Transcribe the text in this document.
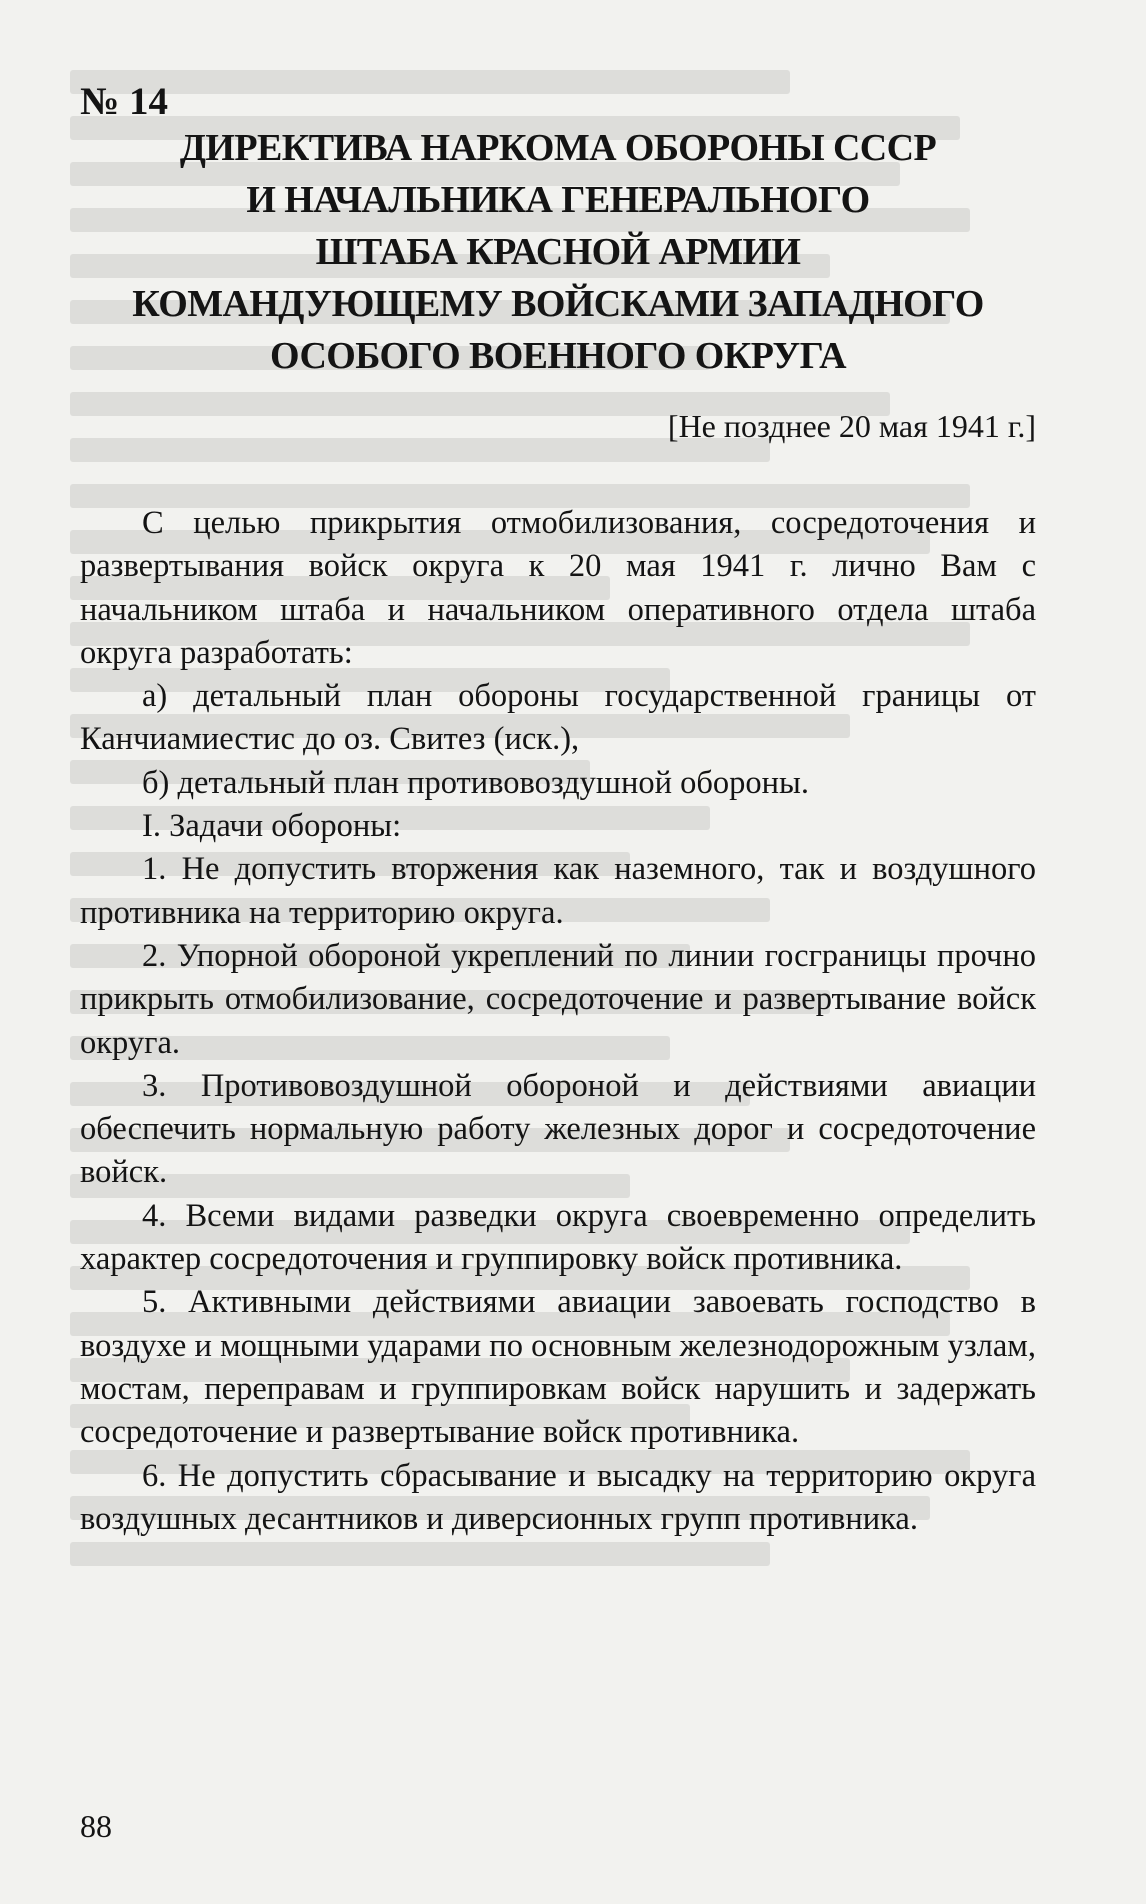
№ 14
ДИРЕКТИВА НАРКОМА ОБОРОНЫ СССР
И НАЧАЛЬНИКА ГЕНЕРАЛЬНОГО
ШТАБА КРАСНОЙ АРМИИ
КОМАНДУЮЩЕМУ ВОЙСКАМИ ЗАПАДНОГО
ОСОБОГО ВОЕННОГО ОКРУГА
[Не позднее 20 мая 1941 г.]

С целью прикрытия отмобилизования, сосредоточения и развертывания войск округа к 20 мая 1941 г. лично Вам с начальником штаба и начальником оперативного отдела штаба округа разработать:

а) детальный план обороны государственной границы от Канчиамиестис до оз. Свитез (иск.),

б) детальный план противовоздушной обороны.

I. Задачи обороны:

1. Не допустить вторжения как наземного, так и воздушного противника на территорию округа.

2. Упорной обороной укреплений по линии госграницы прочно прикрыть отмобилизование, сосредоточение и развертывание войск округа.

3. Противовоздушной обороной и действиями авиации обеспечить нормальную работу железных дорог и сосредоточение войск.

4. Всеми видами разведки округа своевременно определить характер сосредоточения и группировку войск противника.

5. Активными действиями авиации завоевать господство в воздухе и мощными ударами по основным железнодорожным узлам, мостам, переправам и группировкам войск нарушить и задержать сосредоточение и развертывание войск противника.

6. Не допустить сбрасывание и высадку на территорию округа воздушных десантников и диверсионных групп противника.

88
